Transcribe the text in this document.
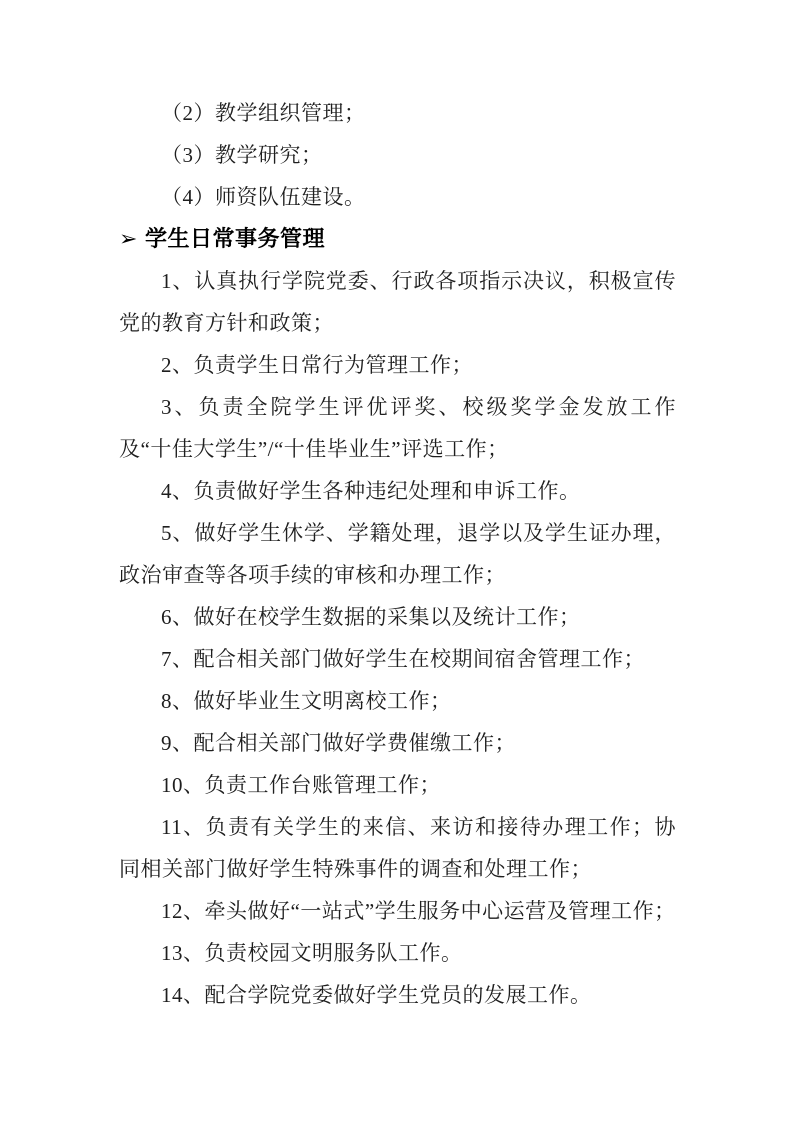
（2）教学组织管理；

（3）教学研究；

（4）师资队伍建设。

➢ 学生日常事务管理

1、认真执行学院党委、行政各项指示决议，积极宣传党的教育方针和政策；

2、负责学生日常行为管理工作；

3、负责全院学生评优评奖、校级奖学金发放工作及“十佳大学生”/“十佳毕业生”评选工作；

4、负责做好学生各种违纪处理和申诉工作。

5、做好学生休学、学籍处理，退学以及学生证办理，政治审查等各项手续的审核和办理工作；

6、做好在校学生数据的采集以及统计工作；

7、配合相关部门做好学生在校期间宿舍管理工作；

8、做好毕业生文明离校工作；

9、配合相关部门做好学费催缴工作；

10、负责工作台账管理工作；

11、负责有关学生的来信、来访和接待办理工作；协同相关部门做好学生特殊事件的调查和处理工作；

12、牵头做好“一站式”学生服务中心运营及管理工作；

13、负责校园文明服务队工作。

14、配合学院党委做好学生党员的发展工作。
